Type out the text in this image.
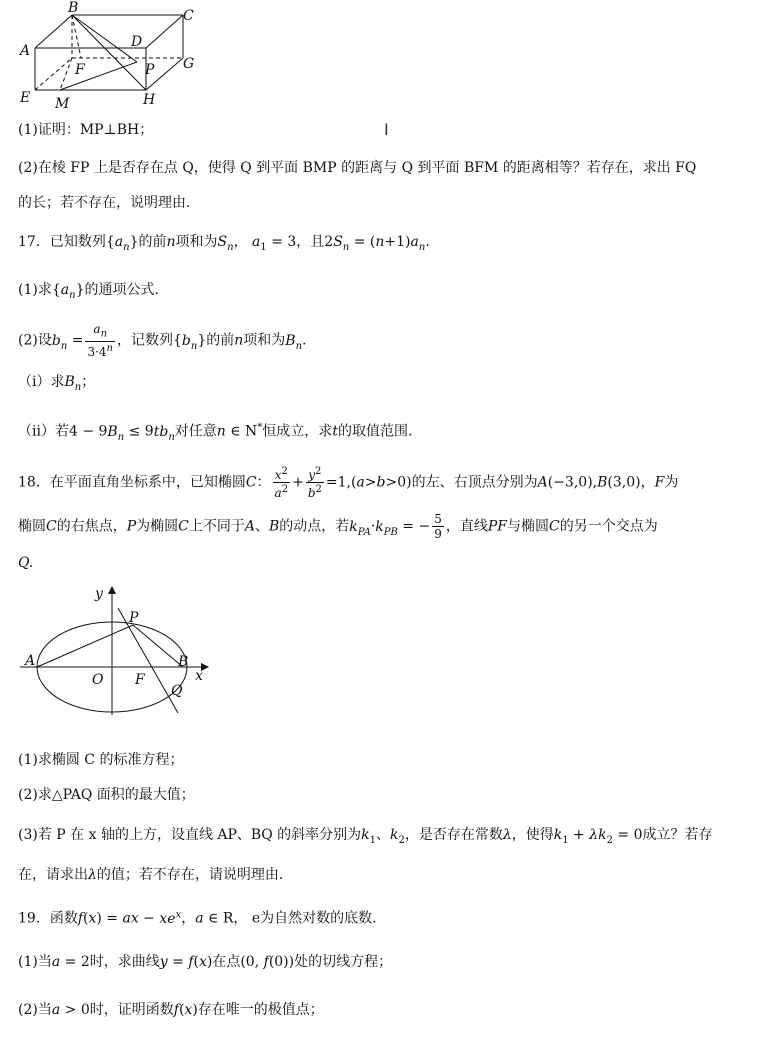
B	C
A
D
F	P G
E M	H
I
(1)证明：MP⊥BH；
(2)在棱 FP 上是否存在点 Q，使得 Q 到平面 BMP 的距离与 Q 到平面 BFM 的距离相等？若存在，求出 FQ
的长；若不存在，说明理由．
17．已知数列$\{a_n\}$的前n项和为$S_n$， $a_1 = 3$，且$2S_n = (n+1)a_n$.
(1)求$\{a_n\}$的通项公式.
(2)设$b_n = \frac{a_n}{3\cdot 4^n}$ ，记数列$\{b_n\}$的前n项和为$B_n$.
（i）求$B_n$；
（ii）若$4 - 9B_n \le 9tb_n$对任意n ∈ N*恒成立，求t的取值范围.
18．在平面直角坐标系中，已知椭圆C： $\frac{x^2}{a^2} + \frac{y^2}{b^2} =1,(a>b>0)$的左、右顶点分别为A(−3,0),B(3,0)，F为
椭圆C的右焦点，P为椭圆C上不同于A、B的动点，若$k_{PA}\cdot k_{PB}$ = − $\frac{5}{9}$ ，直线PF与椭圆C的另一个交点为
Q.
y
P
A	B
O F	x
Q
(1)求椭圆 C 的标准方程；
(2)求△PAQ 面积的最大值；
(3)若 P 在 x 轴的上方，设直线 AP、BQ 的斜率分别为$k_1$、$k_2$，是否存在常数λ，使得$k_1 + \lambda k_2 = 0$成立？若存
在，请求出λ的值；若不存在，请说明理由．
19．函数f(x) = ax − $xe^x$，a ∈ R， e为自然对数的底数.
(1)当a = 2时，求曲线y = f(x)在点(0, f(0))处的切线方程；
(2)当a > 0时，证明函数f(x)存在唯一的极值点；
